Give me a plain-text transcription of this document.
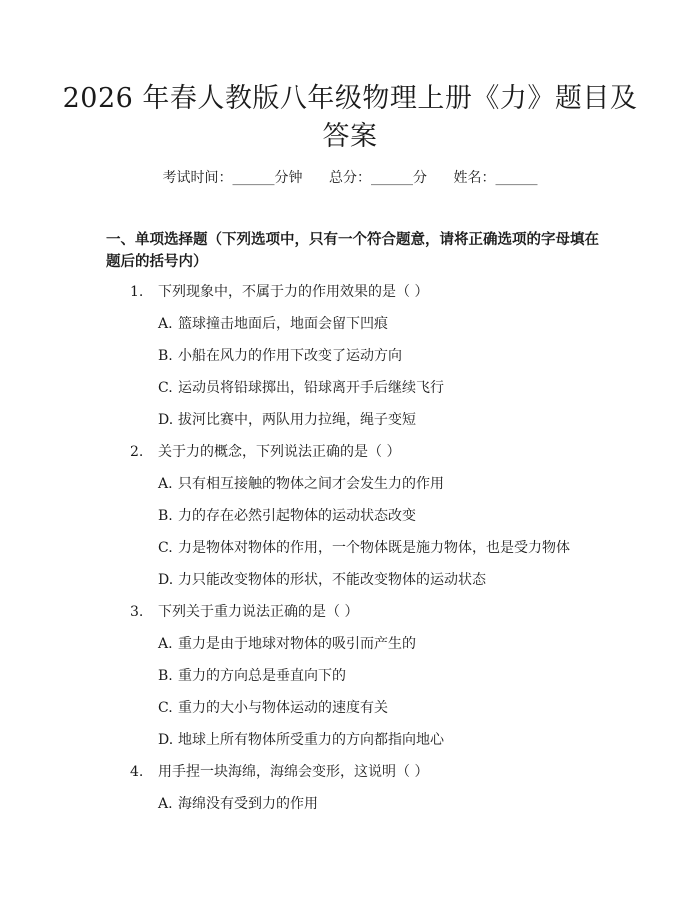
2026 年春人教版八年级物理上册《力》题目及答案
考试时间：______分钟 总分：______分 姓名：______
一、单项选择题（下列选项中，只有一个符合题意，请将正确选项的字母填在题后的括号内）
1. 下列现象中，不属于力的作用效果的是（ ）
A. 篮球撞击地面后，地面会留下凹痕
B. 小船在风力的作用下改变了运动方向
C. 运动员将铅球掷出，铅球离开手后继续飞行
D. 拔河比赛中，两队用力拉绳，绳子变短
2. 关于力的概念，下列说法正确的是（ ）
A. 只有相互接触的物体之间才会发生力的作用
B. 力的存在必然引起物体的运动状态改变
C. 力是物体对物体的作用，一个物体既是施力物体，也是受力物体
D. 力只能改变物体的形状，不能改变物体的运动状态
3. 下列关于重力说法正确的是（ ）
A. 重力是由于地球对物体的吸引而产生的
B. 重力的方向总是垂直向下的
C. 重力的大小与物体运动的速度有关
D. 地球上所有物体所受重力的方向都指向地心
4. 用手捏一块海绵，海绵会变形，这说明（ ）
A. 海绵没有受到力的作用
